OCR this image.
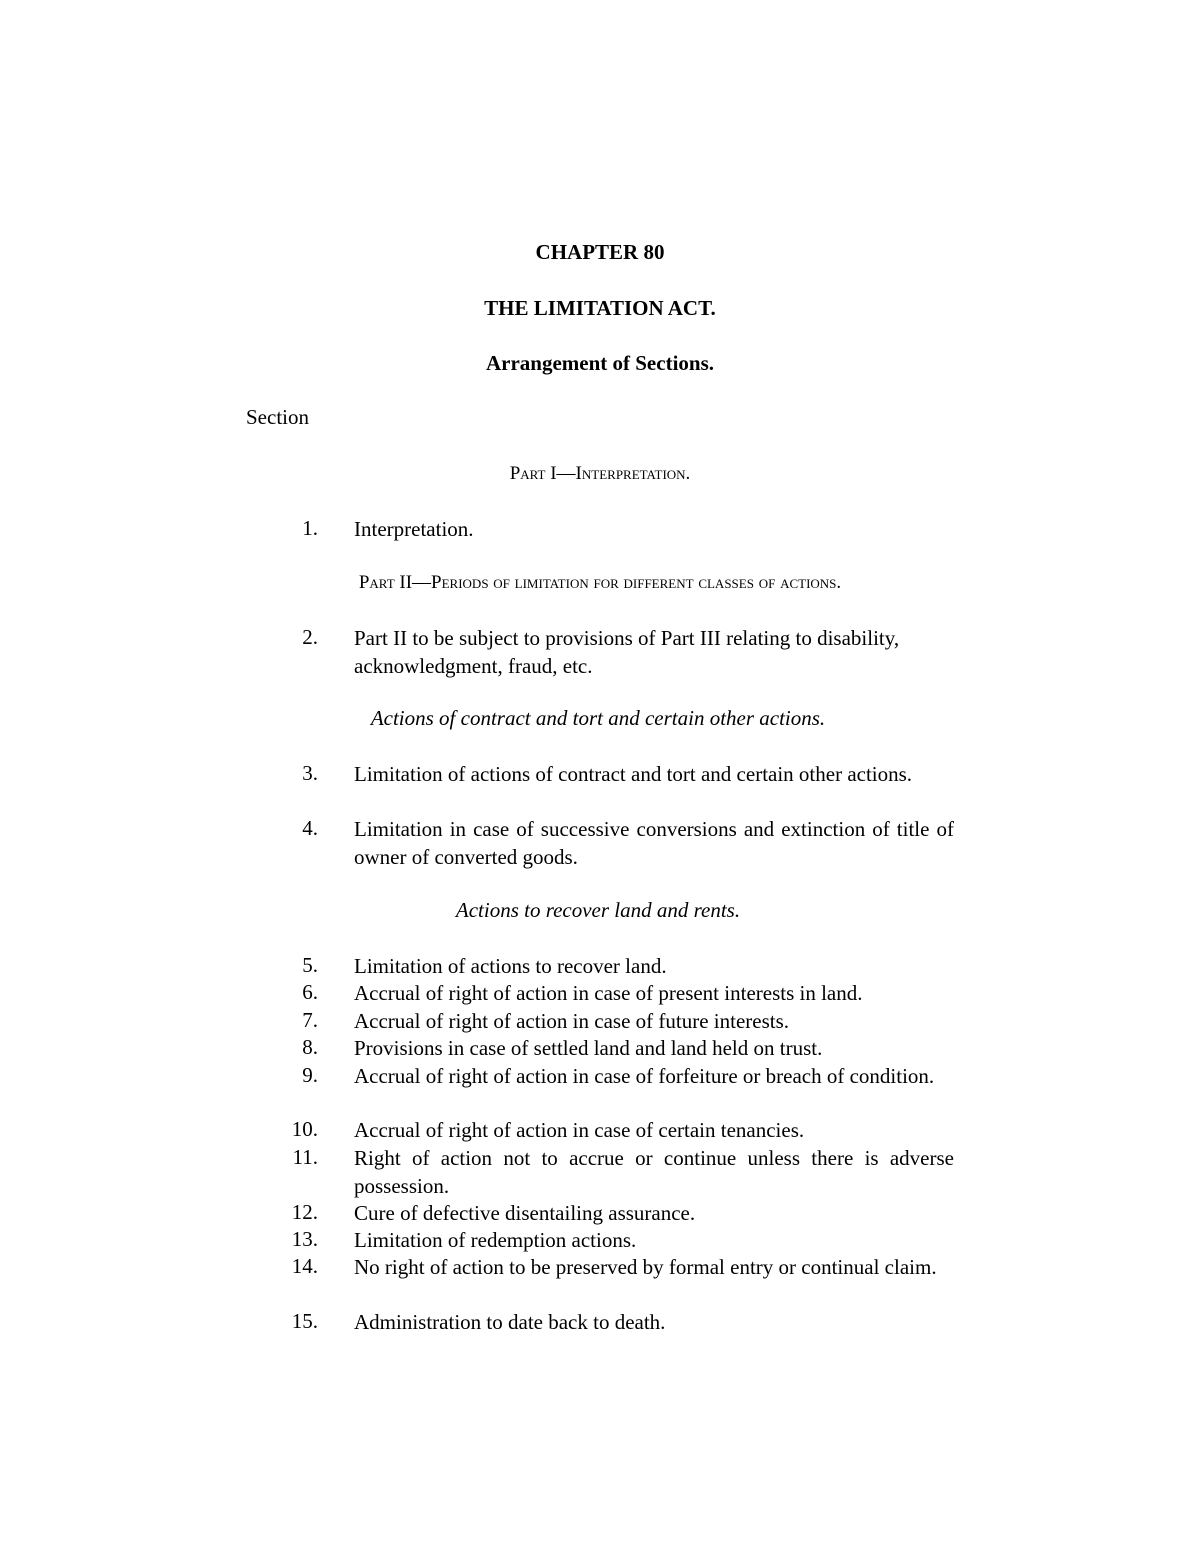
CHAPTER 80
THE LIMITATION ACT.
Arrangement of Sections.
Section
Part I—Interpretation.
1. Interpretation.
Part II—Periods of limitation for different classes of actions.
2. Part II to be subject to provisions of Part III relating to disability, acknowledgment, fraud, etc.
Actions of contract and tort and certain other actions.
3. Limitation of actions of contract and tort and certain other actions.
4. Limitation in case of successive conversions and extinction of title of owner of converted goods.
Actions to recover land and rents.
5. Limitation of actions to recover land.
6. Accrual of right of action in case of present interests in land.
7. Accrual of right of action in case of future interests.
8. Provisions in case of settled land and land held on trust.
9. Accrual of right of action in case of forfeiture or breach of condition.
10. Accrual of right of action in case of certain tenancies.
11. Right of action not to accrue or continue unless there is adverse possession.
12. Cure of defective disentailing assurance.
13. Limitation of redemption actions.
14. No right of action to be preserved by formal entry or continual claim.
15. Administration to date back to death.
